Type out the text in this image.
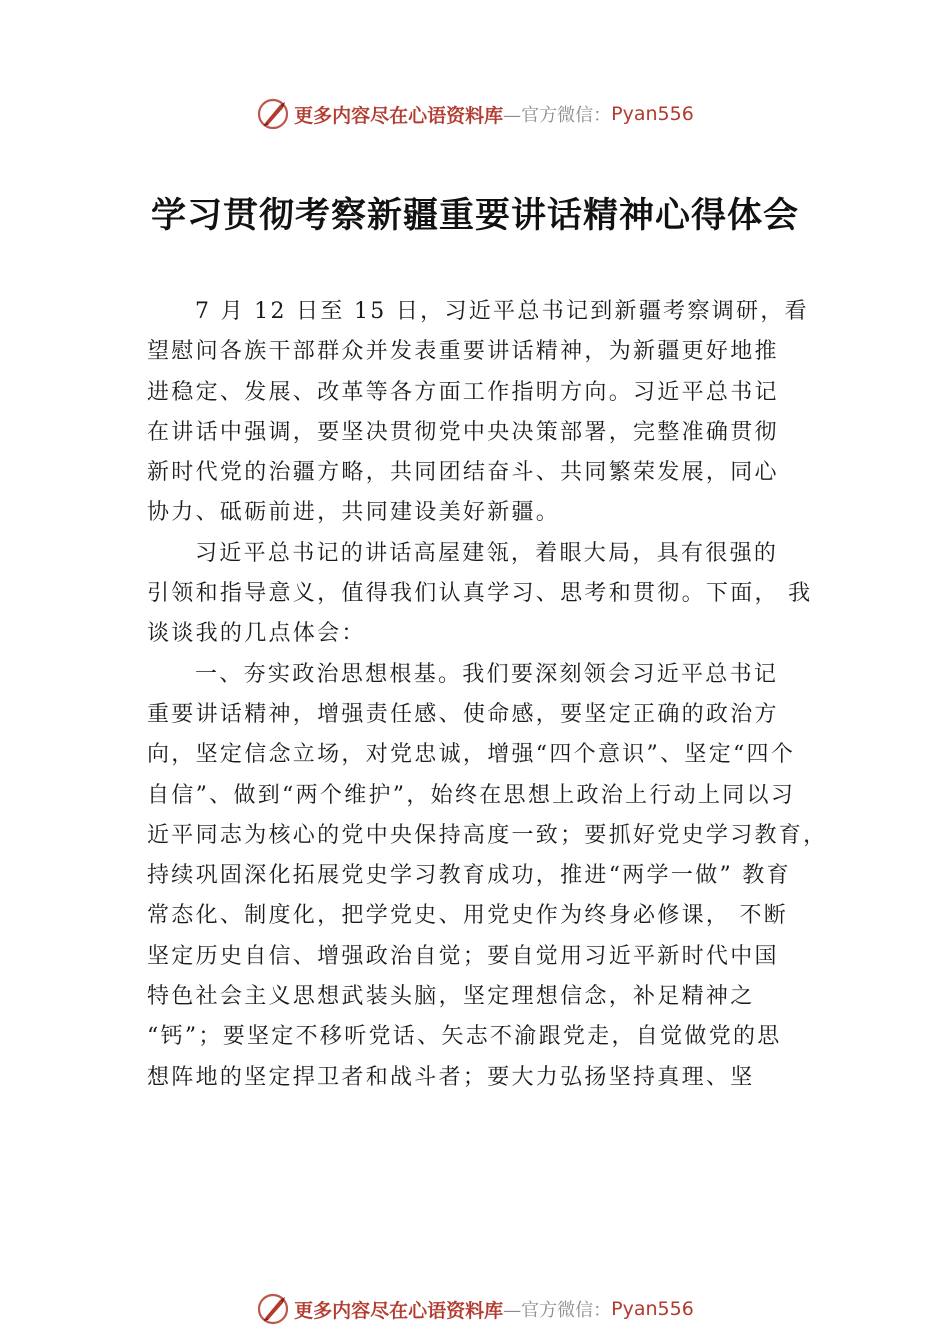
更多内容尽在心语资料库 —官方微信： Pyan556
学习贯彻考察新疆重要讲话精神心得体会
7 月 12 日至 15 日，习近平总书记到新疆考察调研，看
望慰问各族干部群众并发表重要讲话精神，为新疆更好地推
进稳定、发展、改革等各方面工作指明方向。习近平总书记
在讲话中强调，要坚决贯彻党中央决策部署，完整准确贯彻
新时代党的治疆方略，共同团结奋斗、共同繁荣发展，同心
协力、砥砺前进，共同建设美好新疆。
习近平总书记的讲话高屋建瓴，着眼大局，具有很强的
引领和指导意义，值得我们认真学习、思考和贯彻。下面， 我
谈谈我的几点体会：
一、夯实政治思想根基。我们要深刻领会习近平总书记
重要讲话精神，增强责任感、使命感，要坚定正确的政治方
向，坚定信念立场，对党忠诚，增强“四个意识”、坚定“四个
自信”、做到“两个维护”，始终在思想上政治上行动上同以习
近平同志为核心的党中央保持高度一致；要抓好党史学习教育，
持续巩固深化拓展党史学习教育成功，推进“两学一做” 教育
常态化、制度化，把学党史、用党史作为终身必修课， 不断
坚定历史自信、增强政治自觉；要自觉用习近平新时代中国
特色社会主义思想武装头脑，坚定理想信念，补足精神之
“钙”；要坚定不移听党话、矢志不渝跟党走，自觉做党的思
想阵地的坚定捍卫者和战斗者；要大力弘扬坚持真理、坚
更多内容尽在心语资料库 —官方微信： Pyan556
